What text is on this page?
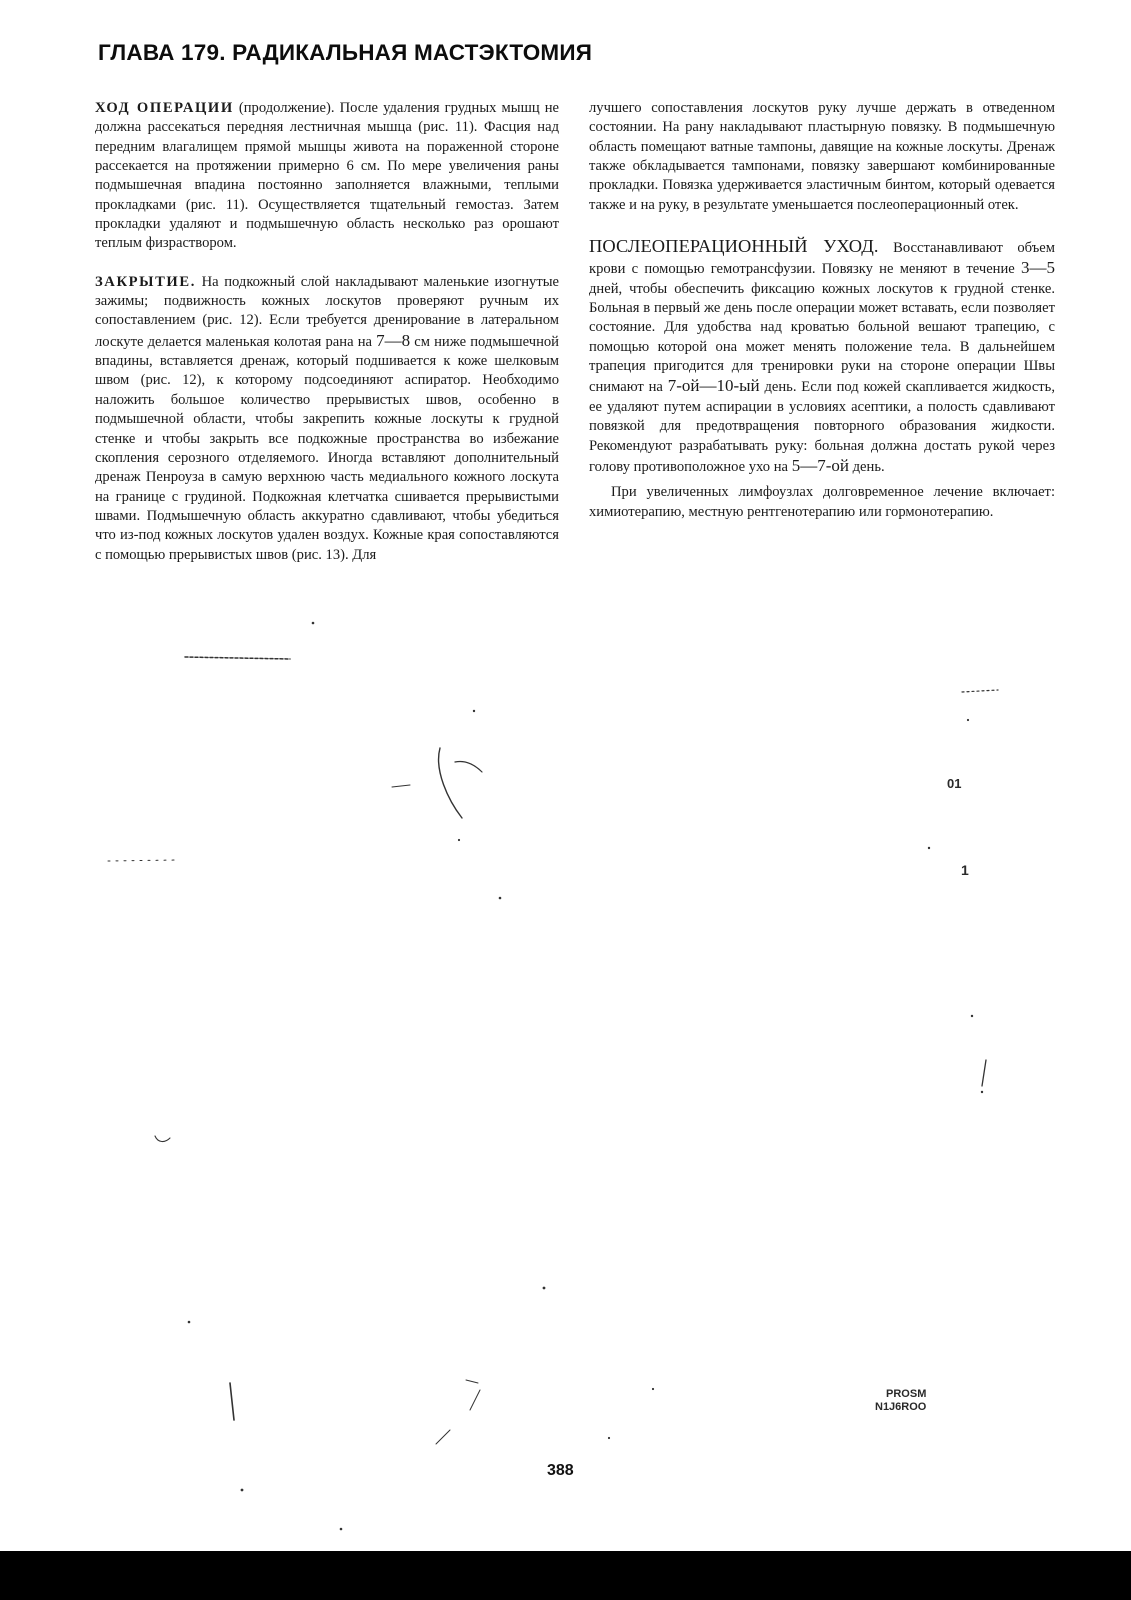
ГЛАВА 179. РАДИКАЛЬНАЯ МАСТЭКТОМИЯ

ХОД ОПЕРАЦИИ (продолжение). После удаления грудных мышц не должна рассекаться передняя лестничная мышца (рис. 11). Фасция над передним влагалищем прямой мышцы живота на пораженной стороне рассекается на протяжении примерно 6 см. По мере увеличения раны подмышечная впадина постоянно заполняется влажными, теплыми прокладками (рис. 11). Осуществляется тщательный гемостаз. Затем прокладки удаляют и подмышечную область несколько раз орошают теплым физраствором.

ЗАКРЫТИЕ. На подкожный слой накладывают маленькие изогнутые зажимы; подвижность кожных лоскутов проверяют ручным их сопоставлением (рис. 12). Если требуется дренирование в латеральном лоскуте делается маленькая колотая рана на 7—8 см ниже подмышечной впадины, вставляется дренаж, который подшивается к коже шелковым швом (рис. 12), к которому подсоединяют аспиратор. Необходимо наложить большое количество прерывистых швов, особенно в подмышечной области, чтобы закрепить кожные лоскуты к грудной стенке и чтобы закрыть все подкожные пространства во избежание скопления серозного отделяемого. Иногда вставляют дополнительный дренаж Пенроуза в самую верхнюю часть медиального кожного лоскута на границе с грудиной. Подкожная клетчатка сшивается прерывистыми швами. Подмышечную область аккуратно сдавливают, чтобы убедиться что из-под кожных лоскутов удален воздух. Кожные края сопоставляются с помощью прерывистых швов (рис. 13). Для

лучшего сопоставления лоскутов руку лучше держать в отведенном состоянии. На рану накладывают пластырную повязку. В подмышечную область помещают ватные тампоны, давящие на кожные лоскуты. Дренаж также обкладывается тампонами, повязку завершают комбинированные прокладки. Повязка удерживается эластичным бинтом, который одевается также и на руку, в результате уменьшается послеоперационный отек.

ПОСЛЕОПЕРАЦИОННЫЙ УХОД. Восстанавливают объем крови с помощью гемотрансфузии. Повязку не меняют в течение 3—5 дней, чтобы обеспечить фиксацию кожных лоскутов к грудной стенке. Больная в первый же день после операции может вставать, если позволяет состояние. Для удобства над кроватью больной вешают трапецию, с помощью которой она может менять положение тела. В дальнейшем трапеция пригодится для тренировки руки на стороне операции Швы снимают на 7-ой—10-ый день. Если под кожей скапливается жидкость, ее удаляют путем аспирации в условиях асептики, а полость сдавливают повязкой для предотвращения повторного образования жидкости. Рекомендуют разрабатывать руку: больная должна достать рукой через голову противоположное ухо на 5—7-ой день.

При увеличенных лимфоузлах долговременное лечение включает: химиотерапию, местную рентгенотерапию или гормонотерапию.

01
1
PROSM
N1J6ROO
388
